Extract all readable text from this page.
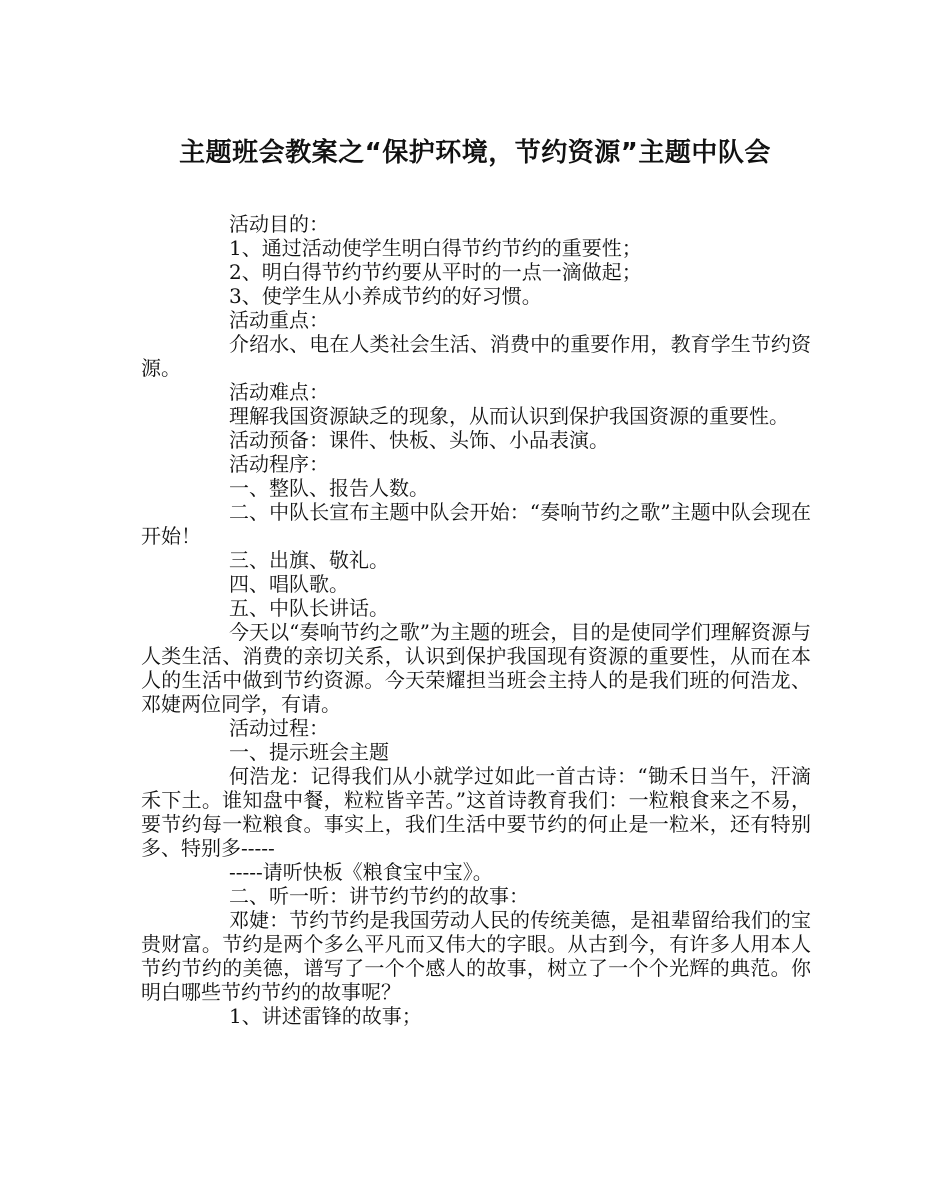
主题班会教案之“保护环境，节约资源”主题中队会

活动目的：

1、通过活动使学生明白得节约节约的重要性；

2、明白得节约节约要从平时的一点一滴做起；

3、使学生从小养成节约的好习惯。

活动重点：

介绍水、电在人类社会生活、消费中的重要作用，教育学生节约资源。

活动难点：

理解我国资源缺乏的现象，从而认识到保护我国资源的重要性。

活动预备：课件、快板、头饰、小品表演。

活动程序：

一、整队、报告人数。

二、中队长宣布主题中队会开始：“奏响节约之歌”主题中队会现在开始！

三、出旗、敬礼。

四、唱队歌。

五、中队长讲话。

今天以“奏响节约之歌”为主题的班会，目的是使同学们理解资源与人类生活、消费的亲切关系，认识到保护我国现有资源的重要性，从而在本人的生活中做到节约资源。今天荣耀担当班会主持人的是我们班的何浩龙、邓婕两位同学，有请。

活动过程：

一、提示班会主题

何浩龙：记得我们从小就学过如此一首古诗：“锄禾日当午，汗滴禾下土。谁知盘中餐，粒粒皆辛苦。”这首诗教育我们：一粒粮食来之不易，要节约每一粒粮食。事实上，我们生活中要节约的何止是一粒米，还有特别多、特别多-----

-----请听快板《粮食宝中宝》。

二、听一听：讲节约节约的故事：

邓婕：节约节约是我国劳动人民的传统美德，是祖辈留给我们的宝贵财富。节约是两个多么平凡而又伟大的字眼。从古到今，有许多人用本人节约节约的美德，谱写了一个个感人的故事，树立了一个个光辉的典范。你明白哪些节约节约的故事呢？

1、讲述雷锋的故事；
